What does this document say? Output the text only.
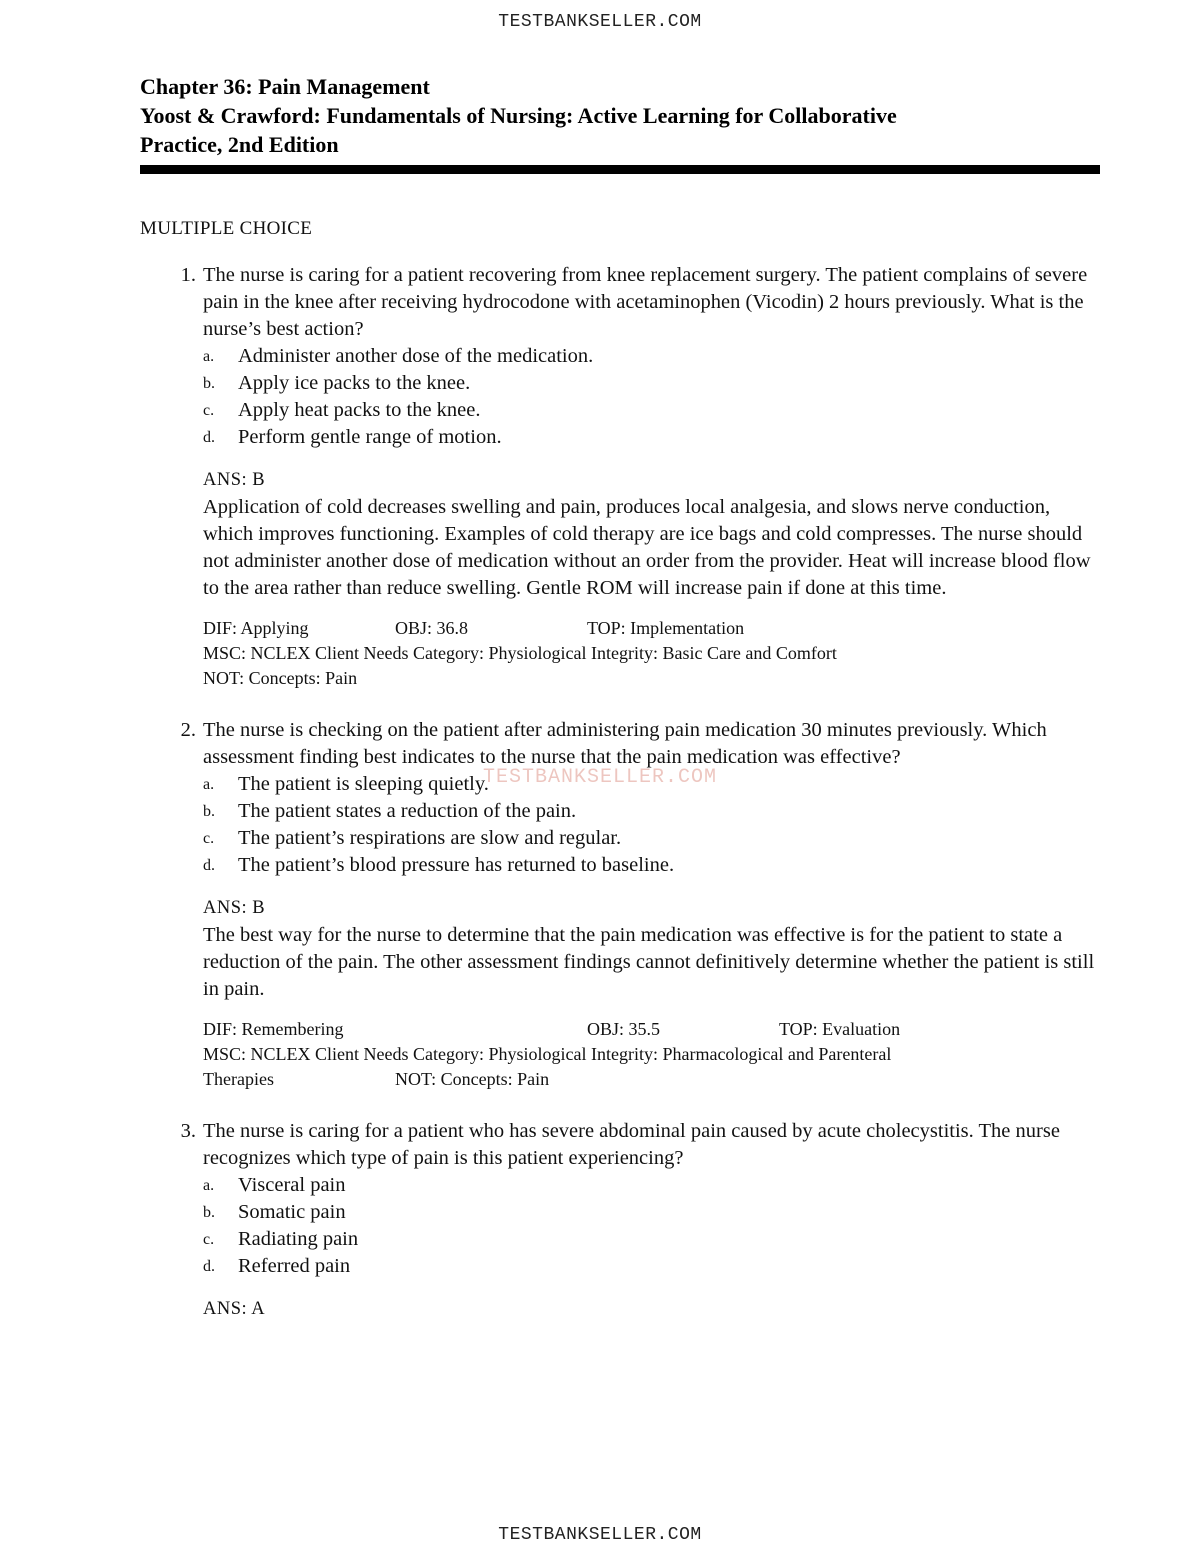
TESTBANKSELLER.COM
Chapter 36: Pain Management
Yoost & Crawford: Fundamentals of Nursing: Active Learning for Collaborative
Practice, 2nd Edition
MULTIPLE CHOICE
1. The nurse is caring for a patient recovering from knee replacement surgery. The patient complains of severe pain in the knee after receiving hydrocodone with acetaminophen (Vicodin) 2 hours previously. What is the nurse’s best action?

a. Administer another dose of the medication.
b. Apply ice packs to the knee.
c. Apply heat packs to the knee.
d. Perform gentle range of motion.
ANS: B

Application of cold decreases swelling and pain, produces local analgesia, and slows nerve conduction, which improves functioning. Examples of cold therapy are ice bags and cold compresses. The nurse should not administer another dose of medication without an order from the provider. Heat will increase blood flow to the area rather than reduce swelling. Gentle ROM will increase pain if done at this time.

DIF: Applying	OBJ: 36.8	TOP: Implementation
MSC: NCLEX Client Needs Category: Physiological Integrity: Basic Care and Comfort
NOT: Concepts: Pain
2. The nurse is checking on the patient after administering pain medication 30 minutes previously. Which assessment finding best indicates to the nurse that the pain medication was effective?

a. The patient is sleeping quietly.
b. The patient states a reduction of the pain.
c. The patient’s respirations are slow and regular.
d. The patient’s blood pressure has returned to baseline.
ANS: B

The best way for the nurse to determine that the pain medication was effective is for the patient to state a reduction of the pain. The other assessment findings cannot definitively determine whether the patient is still in pain.

DIF: Remembering	OBJ: 35.5	TOP: Evaluation
MSC: NCLEX Client Needs Category: Physiological Integrity: Pharmacological and Parenteral
Therapies	NOT: Concepts: Pain
3. The nurse is caring for a patient who has severe abdominal pain caused by acute cholecystitis. The nurse recognizes which type of pain is this patient experiencing?

a. Visceral pain
b. Somatic pain
c. Radiating pain
d. Referred pain
ANS: A
TESTBANKSELLER.COM
TESTBANKSELLER.COM
